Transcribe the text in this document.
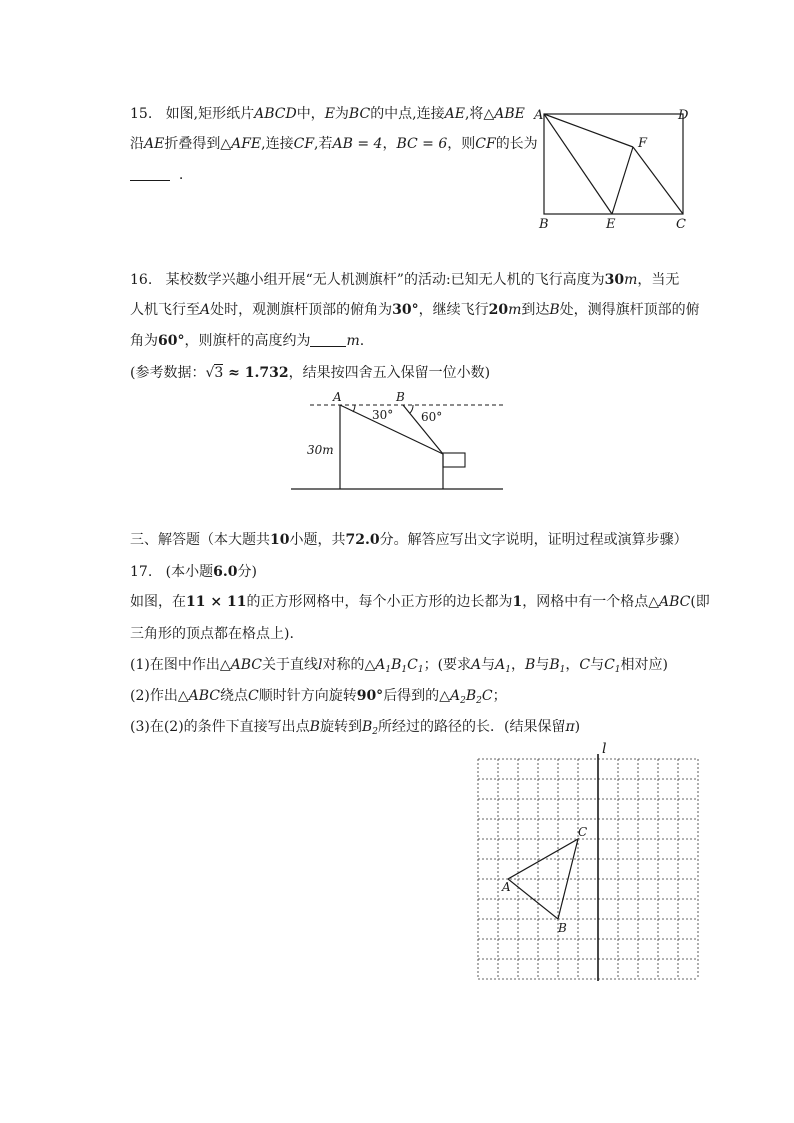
15. 如图,矩形纸片ABCD中，E为BC的中点,连接AE,将△ABE
沿AE折叠得到△AFE,连接CF,若AB = 4，BC = 6，则CF的长为
.
A	D
F
B	E	C
16. 某校数学兴趣小组开展“无人机测旗杆”的活动:已知无人机的飞行高度为30m，当无
人机飞行至A处时，观测旗杆顶部的俯角为30°，继续飞行20m到达B处，测得旗杆顶部的俯
角为60°，则旗杆的高度约为	m.
(参考数据：√3 ≈ 1.732，结果按四舍五入保留一位小数)
A	B
30° 60°
30m
三、解答题（本大题共10小题，共72.0分。解答应写出文字说明，证明过程或演算步骤）
17. (本小题6.0分)
如图，在11 × 11的正方形网格中，每个小正方形的边长都为1，网格中有一个格点△ABC(即
三角形的顶点都在格点上).
(1)在图中作出△ABC关于直线l对称的$\triangle A_1B_1C_1$；(要求A与$A_1$，B与$B_1$，C与$C_1$相对应)
(2)作出△ABC绕点C顺时针方向旋转90°后得到的$\triangle A_2B_2C$；
(3)在(2)的条件下直接写出点B旋转到$B_2$所经过的路径的长．(结果保留π)
l
A
C
B
